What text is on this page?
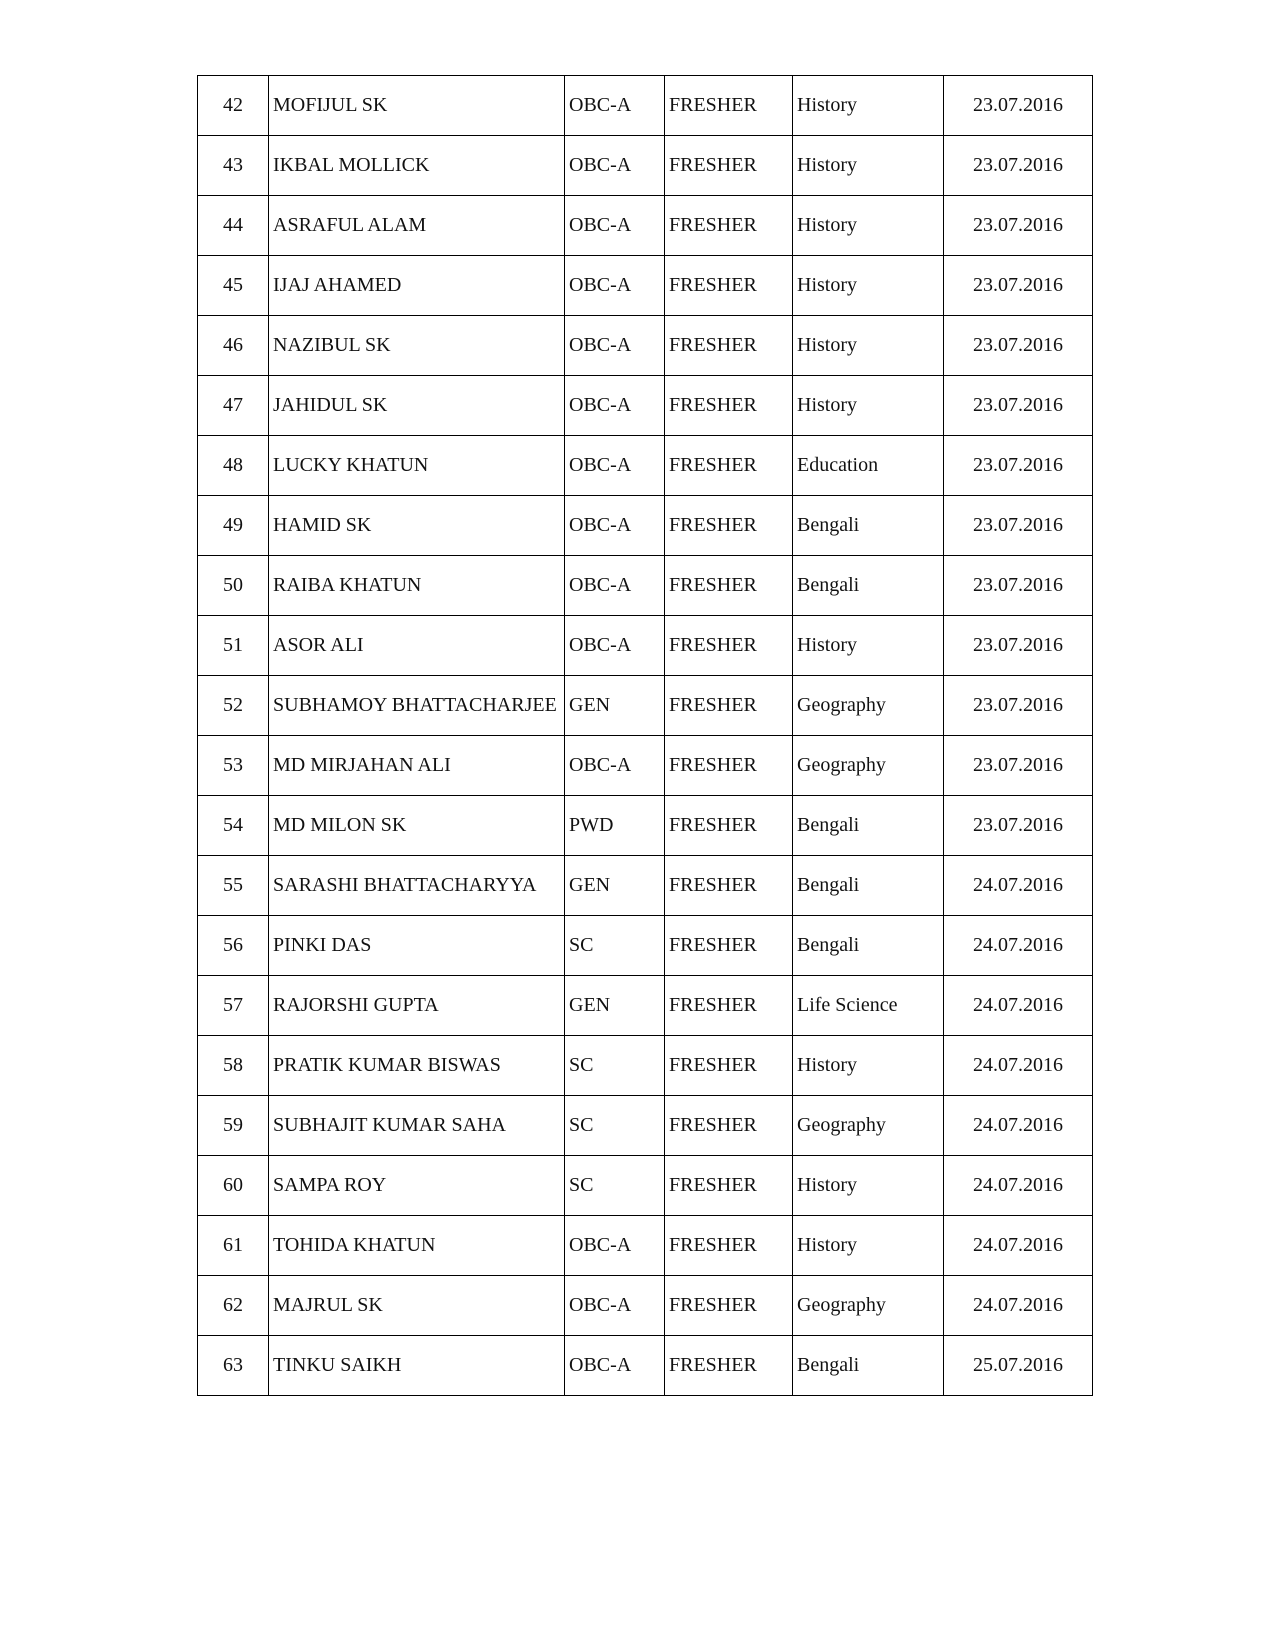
42	MOFIJUL SK	OBC-A	FRESHER	History	23.07.2016
43	IKBAL MOLLICK	OBC-A	FRESHER	History	23.07.2016
44	ASRAFUL ALAM	OBC-A	FRESHER	History	23.07.2016
45	IJAJ AHAMED	OBC-A	FRESHER	History	23.07.2016
46	NAZIBUL SK	OBC-A	FRESHER	History	23.07.2016
47	JAHIDUL SK	OBC-A	FRESHER	History	23.07.2016
48	LUCKY KHATUN	OBC-A	FRESHER	Education	23.07.2016
49	HAMID SK	OBC-A	FRESHER	Bengali	23.07.2016
50	RAIBA KHATUN	OBC-A	FRESHER	Bengali	23.07.2016
51	ASOR ALI	OBC-A	FRESHER	History	23.07.2016
52	SUBHAMOY BHATTACHARJEE	GEN	FRESHER	Geography	23.07.2016
53	MD MIRJAHAN ALI	OBC-A	FRESHER	Geography	23.07.2016
54	MD MILON SK	PWD	FRESHER	Bengali	23.07.2016
55	SARASHI BHATTACHARYYA	GEN	FRESHER	Bengali	24.07.2016
56	PINKI DAS	SC	FRESHER	Bengali	24.07.2016
57	RAJORSHI GUPTA	GEN	FRESHER	Life Science	24.07.2016
58	PRATIK KUMAR BISWAS	SC	FRESHER	History	24.07.2016
59	SUBHAJIT KUMAR SAHA	SC	FRESHER	Geography	24.07.2016
60	SAMPA ROY	SC	FRESHER	History	24.07.2016
61	TOHIDA KHATUN	OBC-A	FRESHER	History	24.07.2016
62	MAJRUL SK	OBC-A	FRESHER	Geography	24.07.2016
63	TINKU SAIKH	OBC-A	FRESHER	Bengali	25.07.2016
